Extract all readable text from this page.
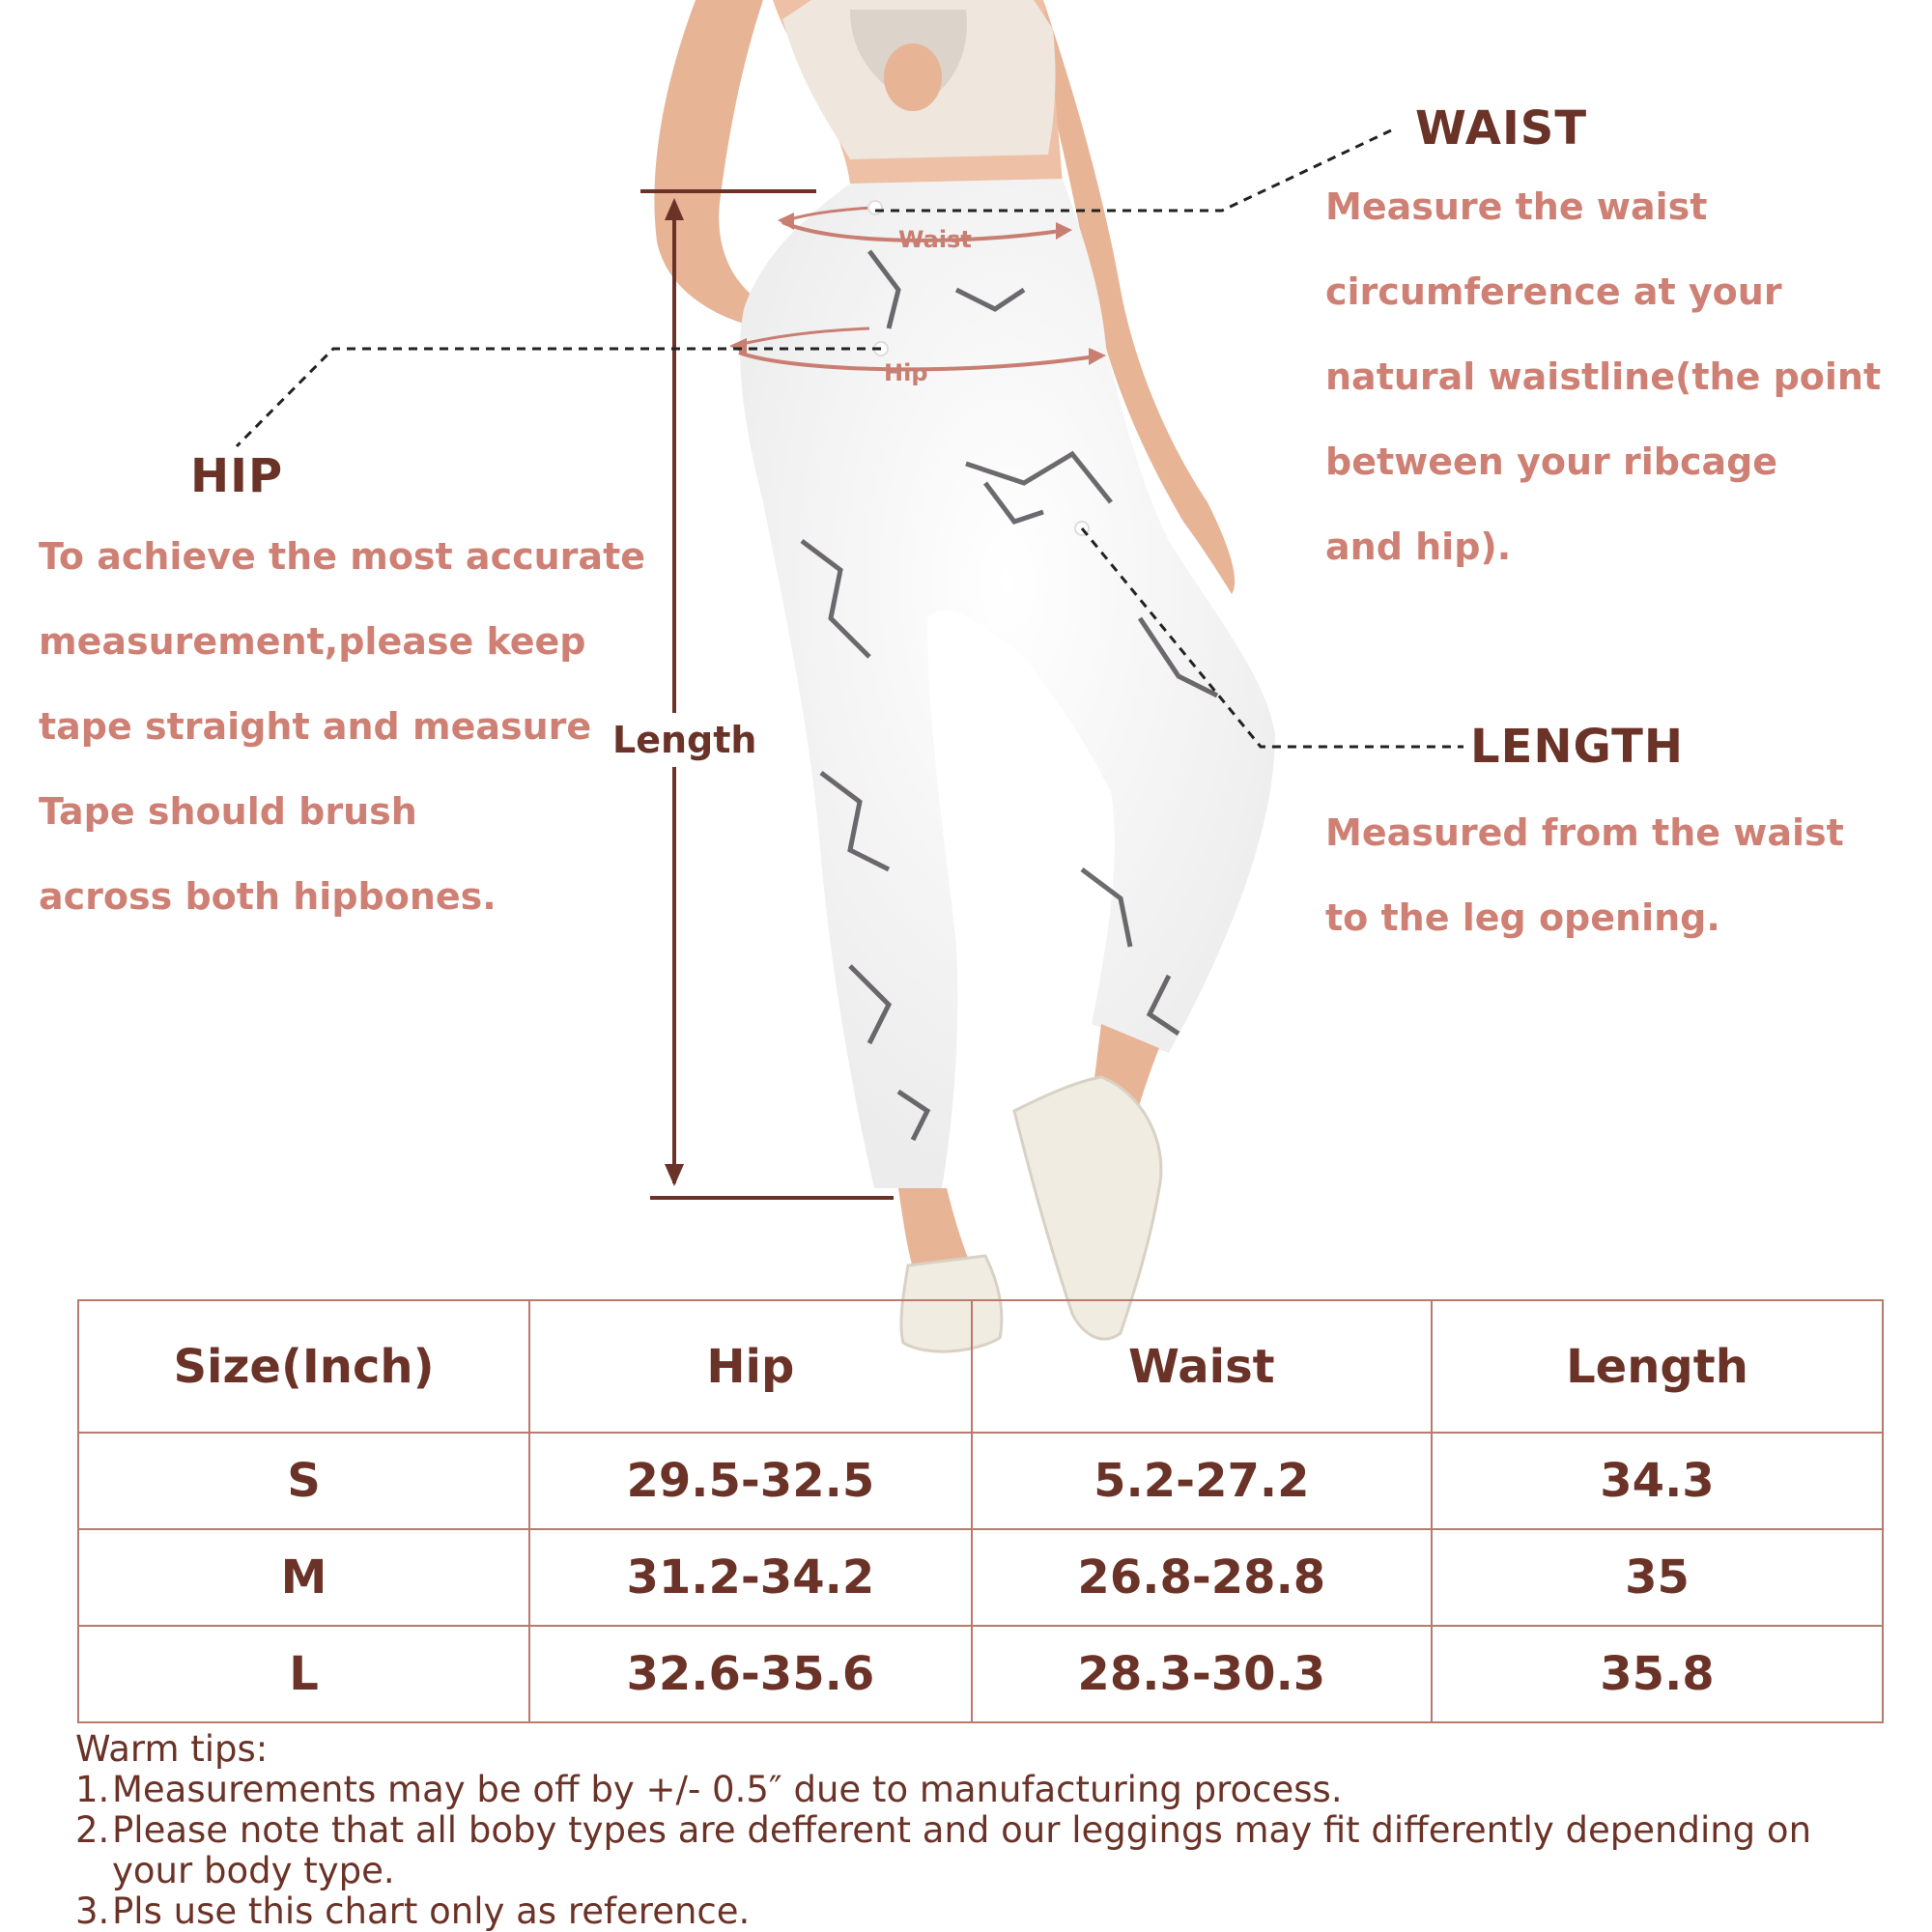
Waist
Hip
WAIST
Measure the waist
circumference at your
natural waistline(the point
between your ribcage
and hip).
HIP
To achieve the most accurate
measurement,please keep
tape straight and measure
Tape should brush
across both hipbones.
Length	LENGTH
Measured from the waist
to the leg opening.
Size(Inch)	Hip	Waist	Length
S	29.5-32.5	5.2-27.2	34.3
M	31.2-34.2	26.8-28.8	35
L	32.6-35.6	28.3-30.3	35.8
Warm tips:
1. Measurements may be off by +/- 0.5″ due to manufacturing process.
2. Please note that all boby types are defferent and our leggings may fit differently depending on
your body type.
3. Pls use this chart only as reference.
